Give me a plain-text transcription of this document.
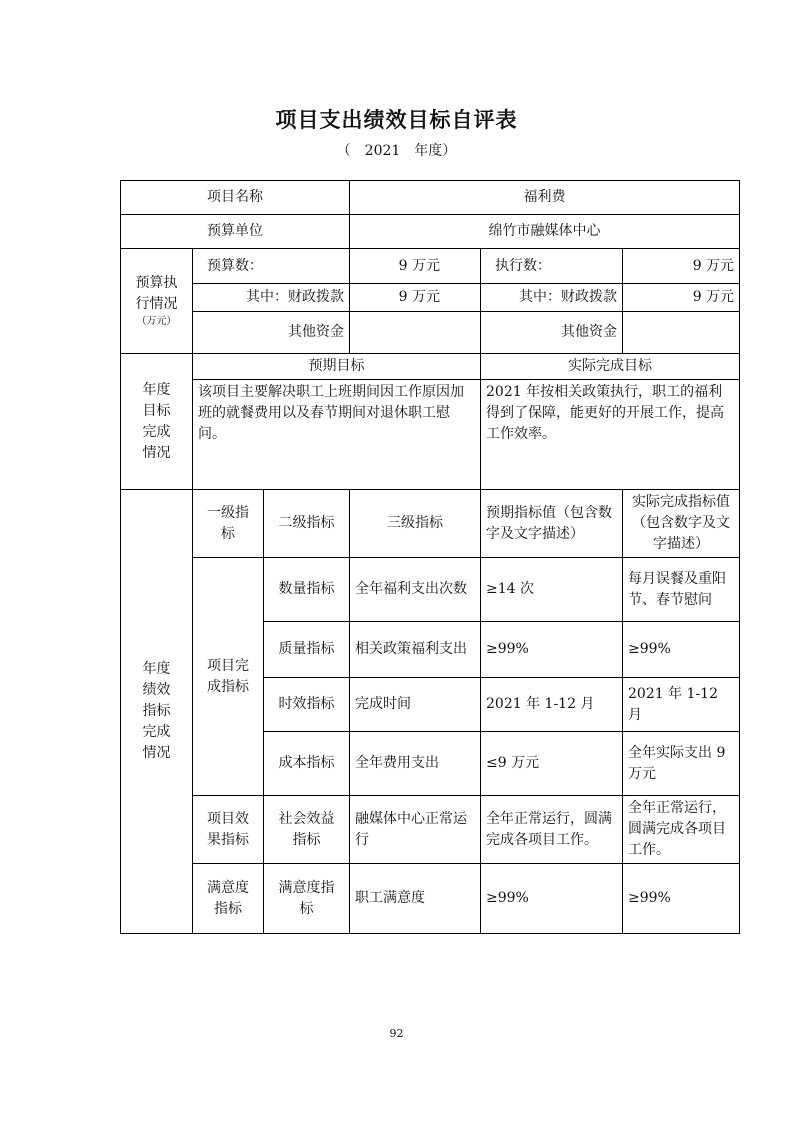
项目支出绩效目标自评表
（　2021　年度）
项目名称			福利费		
预算单位			绵竹市融媒体中心		

预算执行情况
（万元）	预算数：		9 万元	执行数：	9 万元
	其中：财政拨款		9 万元	其中：财政拨款	9 万元
	其他资金			其他资金	
年度目标完成情况	预期目标			实际完成目标	
	该项目主要解决职工上班期间因工作原因加班的就餐费用以及春节期间对退休职工慰问。			2021 年按相关政策执行，职工的福利得到了保障，能更好的开展工作，提高工作效率。	
年度绩效指标完成情况	一级指标	二级指标	三级指标	预期指标值（包含数字及文字描述）	实际完成指标值（包含数字及文字描述）
	项目完成指标	数量指标	全年福利支出次数	≥14 次	每月误餐及重阳节、春节慰问
		质量指标	相关政策福利支出	≥99%	≥99%
		时效指标	完成时间	2021 年 1-12 月	2021 年 1-12 月
		成本指标	全年费用支出	≤9 万元	全年实际支出 9 万元
	项目效果指标	社会效益指标	融媒体中心正常运行	全年正常运行，圆满完成各项目工作。	全年正常运行，圆满完成各项目工作。
	满意度指标	满意度指标	职工满意度	≥99%	≥99%
92
